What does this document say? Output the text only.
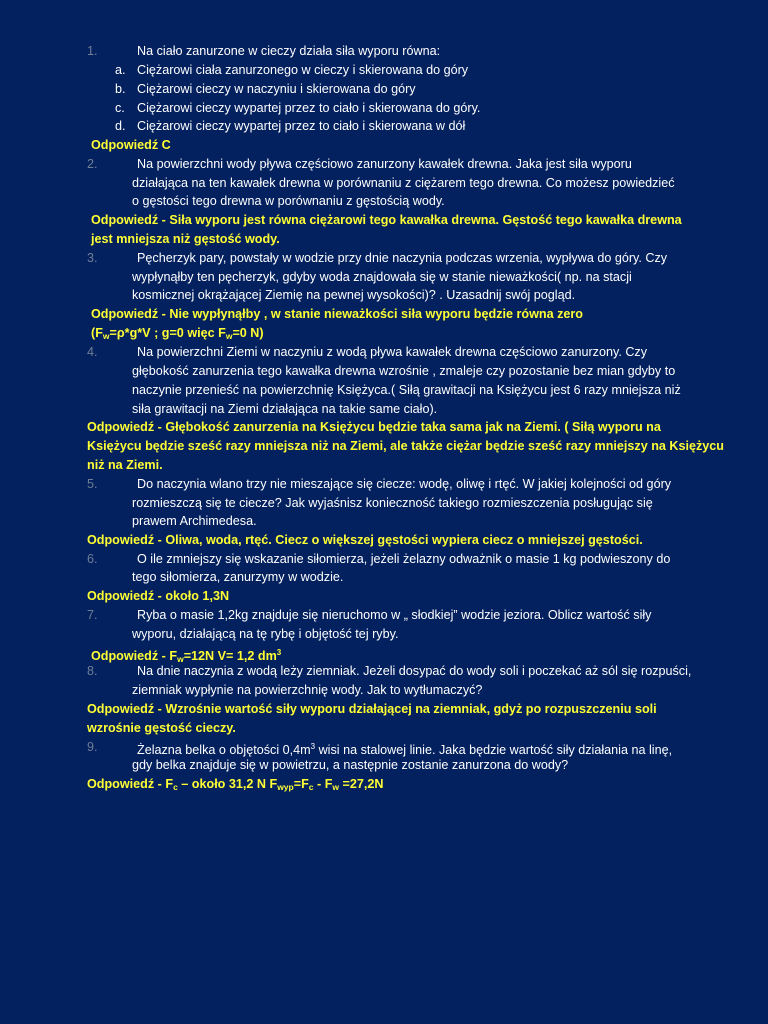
1.	Na ciało zanurzone w cieczy działa siła wyporu równa:
a. Ciężarowi ciała zanurzonego w cieczy i skierowana do góry
b. Ciężarowi cieczy w naczyniu i skierowana do góry
c. Ciężarowi cieczy wypartej przez to ciało i skierowana do góry.
d. Ciężarowi cieczy wypartej przez to ciało i skierowana w dół
Odpowiedź C
2.	Na powierzchni wody pływa częściowo zanurzony kawałek drewna. Jaka jest siła wyporu
działająca na ten kawałek drewna w porównaniu z ciężarem tego drewna. Co możesz powiedzieć
o gęstości tego drewna w porównaniu z gęstością wody.
Odpowiedź - Siła wyporu jest równa ciężarowi tego kawałka drewna. Gęstość tego kawałka drewna
jest mniejsza niż gęstość wody.
3.	Pęcherzyk pary, powstały w wodzie przy dnie naczynia podczas wrzenia, wypływa do góry. Czy
wypłynąłby ten pęcherzyk, gdyby woda znajdowała się w stanie nieważkości( np. na stacji
kosmicznej okrążającej Ziemię na pewnej wysokości)? . Uzasadnij swój pogląd.
Odpowiedź - Nie wypłynąłby , w stanie nieważkości siła wyporu będzie równa zero
($F_w=\rho*g*V$ ; g=0 więc $F_w=0$ N)
4.	Na powierzchni Ziemi w naczyniu z wodą pływa kawałek drewna częściowo zanurzony. Czy
głębokość zanurzenia tego kawałka drewna wzrośnie , zmaleje czy pozostanie bez mian gdyby to
naczynie przenieść na powierzchnię Księżyca.( Siłą grawitacji na Księżycu jest 6 razy mniejsza niż
siła grawitacji na Ziemi działająca na takie same ciało).
Odpowiedź - Głębokość zanurzenia na Księżycu będzie taka sama jak na Ziemi. ( Siłą wyporu na
Księżycu będzie sześć razy mniejsza niż na Ziemi, ale także ciężar będzie sześć razy mniejszy na Księżycu
niż na Ziemi.
5.	Do naczynia wlano trzy nie mieszające się ciecze: wodę, oliwę i rtęć. W jakiej kolejności od góry
rozmieszczą się te ciecze? Jak wyjaśnisz konieczność takiego rozmieszczenia posługując się
prawem Archimedesa.
Odpowiedź - Oliwa, woda, rtęć. Ciecz o większej gęstości wypiera ciecz o mniejszej gęstości.
6.	O ile zmniejszy się wskazanie siłomierza, jeżeli żelazny odważnik o masie 1 kg podwieszony do
tego siłomierza, zanurzymy w wodzie.
Odpowiedź - około 1,3N
7.	Ryba o masie 1,2kg znajduje się nieruchomo w „ słodkiej” wodzie jeziora. Oblicz wartość siły
wyporu, działającą na tę rybę i objętość tej ryby.
Odpowiedź - $F_w=12N$ V= 1,2 $dm^3$
8.	Na dnie naczynia z wodą leży ziemniak. Jeżeli dosypać do wody soli i poczekać aż sól się rozpuści,
ziemniak wypłynie na powierzchnię wody. Jak to wytłumaczyć?
Odpowiedź - Wzrośnie wartość siły wyporu działającej na ziemniak, gdyż po rozpuszczeniu soli
wzrośnie gęstość cieczy.
9.	Żelazna belka o objętości $0,4m^3$ wisi na stalowej linie. Jaka będzie wartość siły działania na linę,
gdy belka znajduje się w powietrzu, a następnie zostanie zanurzona do wody?
Odpowiedź - $F_c$ – około 31,2 N $F_{wyp}=F_c - F_w =27,2N$
